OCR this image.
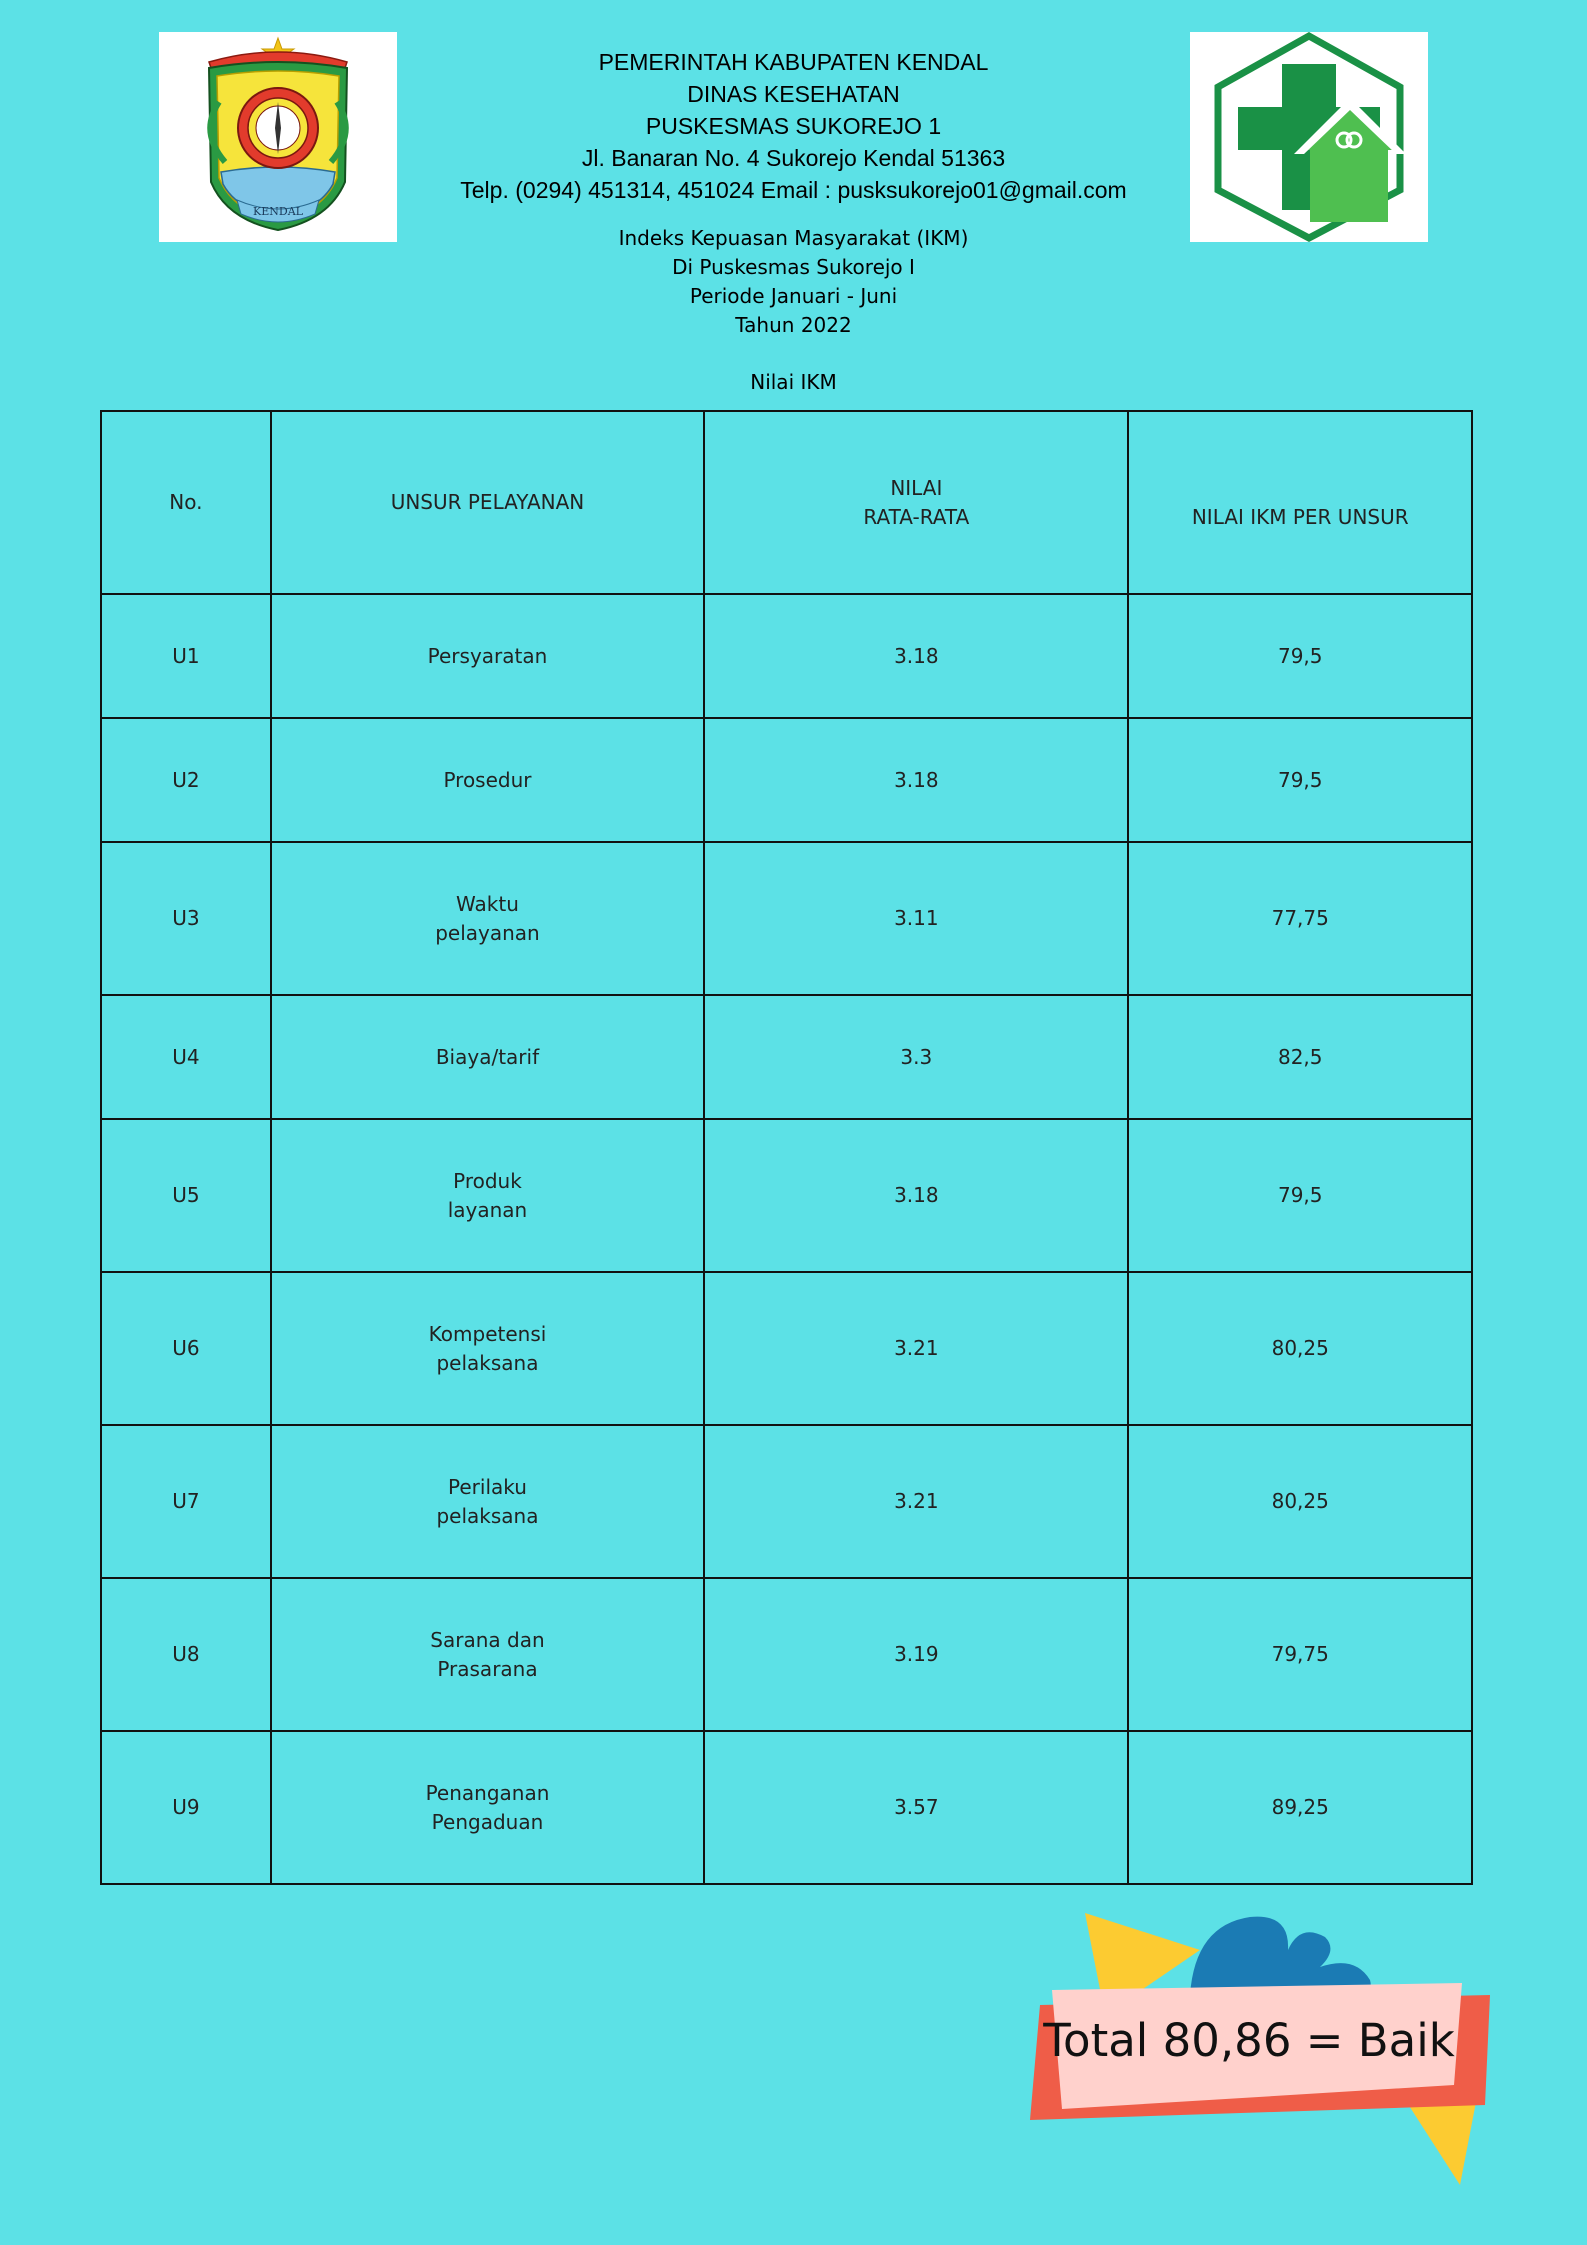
KENDAL
PEMERINTAH KABUPATEN KENDAL
DINAS KESEHATAN
PUSKESMAS SUKOREJO 1
Jl. Banaran No. 4 Sukorejo Kendal 51363
Telp. (0294) 451314, 451024 Email : pusksukorejo01@gmail.com
Indeks Kepuasan Masyarakat (IKM)
Di Puskesmas Sukorejo I
Periode Januari - Juni
Tahun 2022
Nilai IKM
No.	UNSUR PELAYANAN	NILAI
RATA-RATA	NILAI IKM PER UNSUR
U1	Persyaratan	3.18	79,5
U2	Prosedur	3.18	79,5
U3	Waktu
pelayanan	3.11	77,75
U4	Biaya/tarif	3.3	82,5
U5	Produk
layanan	3.18	79,5
U6	Kompetensi
pelaksana	3.21	80,25
U7	Perilaku
pelaksana	3.21	80,25
U8	Sarana dan
Prasarana	3.19	79,75
U9	Penanganan
Pengaduan	3.57	89,25
Total 80,86 = Baik
